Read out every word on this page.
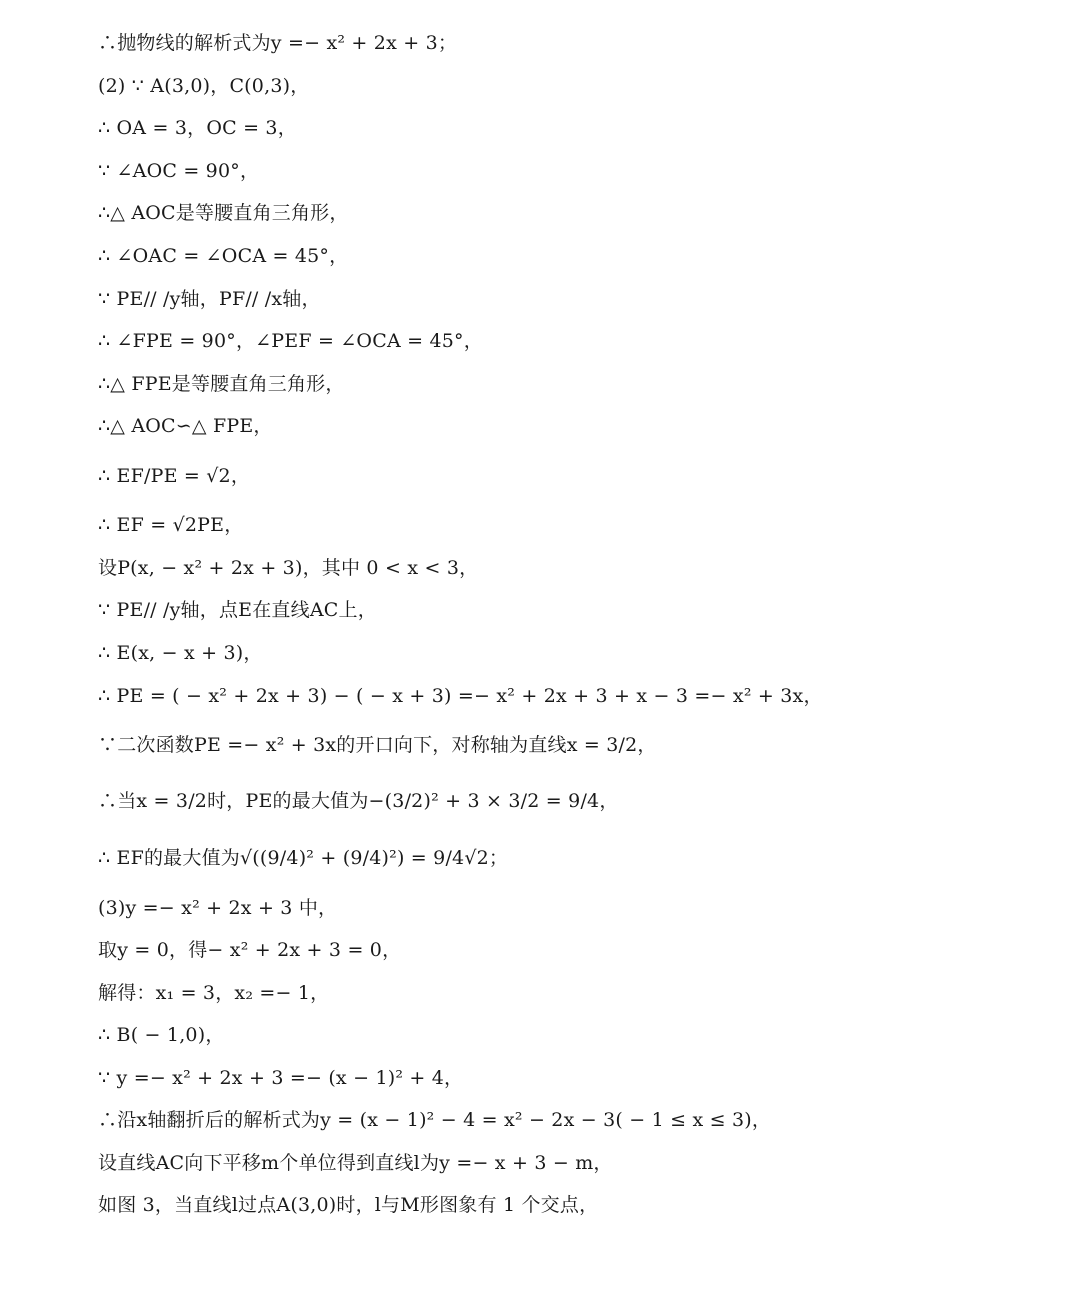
∴抛物线的解析式为y =− x² + 2x + 3；
(2) ∵ A(3,0)，C(0,3)，
∴ OA = 3，OC = 3，
∵ ∠AOC = 90°，
∴△ AOC是等腰直角三角形，
∴ ∠OAC = ∠OCA = 45°，
∵ PE// /y轴，PF// /x轴，
∴ ∠FPE = 90°，∠PEF = ∠OCA = 45°，
∴△ FPE是等腰直角三角形，
∴△ AOC∽△ FPE，
∴ EF/PE = √2，
∴ EF = √2PE，
设P(x, − x² + 2x + 3)，其中 0 < x < 3，
∵ PE// /y轴，点E在直线AC上，
∴ E(x, − x + 3)，
∴ PE = ( − x² + 2x + 3) − ( − x + 3) =− x² + 2x + 3 + x − 3 =− x² + 3x，
∵二次函数PE =− x² + 3x的开口向下，对称轴为直线x = 3/2，
∴当x = 3/2时，PE的最大值为−(3/2)² + 3 × 3/2 = 9/4，
∴ EF的最大值为√((9/4)² + (9/4)²) = 9/4√2；
(3)y =− x² + 2x + 3 中，
取y = 0，得− x² + 2x + 3 = 0，
解得：x₁ = 3，x₂ =− 1，
∴ B( − 1,0)，
∵ y =− x² + 2x + 3 =− (x − 1)² + 4，
∴沿x轴翻折后的解析式为y = (x − 1)² − 4 = x² − 2x − 3( − 1 ≤ x ≤ 3)，
设直线AC向下平移m个单位得到直线l为y =− x + 3 − m，
如图 3，当直线l过点A(3,0)时，l与M形图象有 1 个交点，
